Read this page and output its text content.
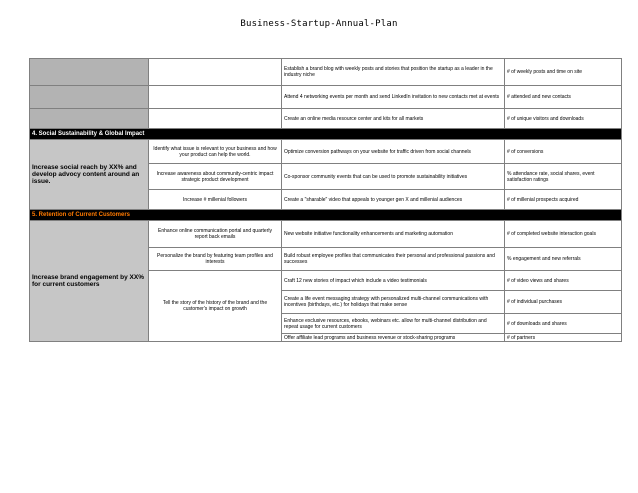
Business-Startup-Annual-Plan
		Establish a brand blog with weekly posts and stories that position the startup as a leader in the industry niche	# of weekly posts and time on site
		Attend 4 networking events per month and send LinkedIn invitation to new contacts met at events	# attended and new contacts
		Create an online media resource center and kits for all markets	# of unique visitors and downloads
4. Social Sustainability & Global Impact			
Increase social reach by XX% and develop advocy content around an issue.	Identify what issue is relevant to your business and how your product can help the world.	Optimize conversion pathways on your website for traffic driven from social channels	# of conversions
	Increase awareness about community-centric impact strategic product development	Co-sponsor community events that can be used to promote sustainability initiatives	% attendance rate, social shares, event satisfaction ratings
	Increase # millenial followers	Create a "sharable" video that appeals to younger gen X and millenial audiences	# of millenial prospects acquired
5. Retention of Current Customers			
Increase brand engagement by XX% for current customers	Enhance online communication portal and quarterly report back emails	New website initiative functionality enhancements and marketing automation	# of completed website interaction goals
	Personalize the brand by featuring team profiles and interests	Build robust employee profiles that communicates their personal and professional passions and successes	% engagement and new referrals
	Tell the story of the history of the brand and the customer's impact on growth	Craft 12 new stories of impact which include a video testimonials	# of video views and shares
		Create a life event messaging strategy with personalized multi-channel communications with incentives (birthdays, etc.) for holidays that make sense	# of individual purchases
		Enhance exclusive resources, ebooks, webinars etc. allow for multi-channel distribution and repeat usage for current customers	# of downloads and shares
		Offer affiliate lead programs and business revenue or stock-sharing programs	# of partners
